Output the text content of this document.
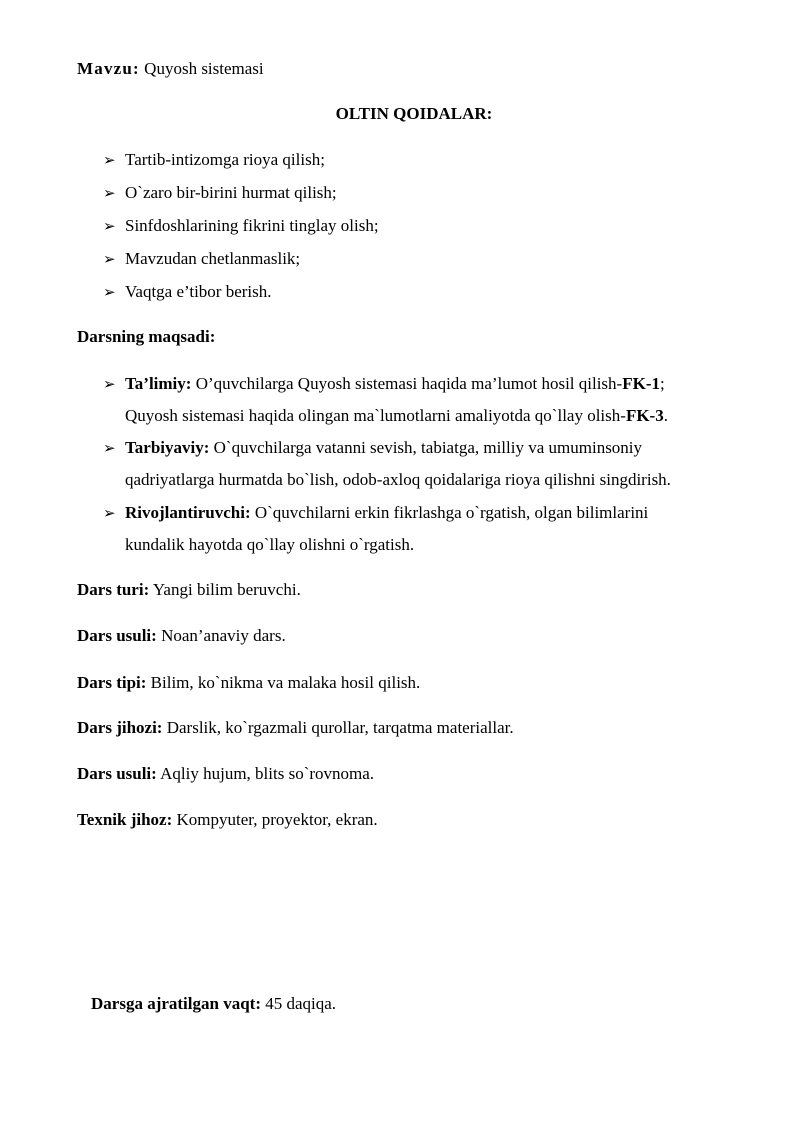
Mavzu: Quyosh sistemasi
OLTIN QOIDALAR:
➢ Tartib-intizomga rioya qilish;
➢ O`zaro bir-birini hurmat qilish;
➢ Sinfdoshlarining fikrini tinglay olish;
➢ Mavzudan chetlanmaslik;
➢ Vaqtga e’tibor berish.
Darsning maqsadi:
➢ Ta’limiy: O’quvchilarga Quyosh sistemasi haqida ma’lumot hosil qilish-FK-1;
Quyosh sistemasi haqida olingan ma`lumotlarni amaliyotda qo`llay olish-FK-3.
➢ Tarbiyaviy: O`quvchilarga vatanni sevish, tabiatga, milliy va umuminsoniy
qadriyatlarga hurmatda bo`lish, odob-axloq qoidalariga rioya qilishni singdirish.
➢ Rivojlantiruvchi: O`quvchilarni erkin fikrlashga o`rgatish, olgan bilimlarini
kundalik hayotda qo`llay olishni o`rgatish.
Dars turi: Yangi bilim beruvchi.
Dars usuli: Noan’anaviy dars.
Dars tipi: Bilim, ko`nikma va malaka hosil qilish.
Dars jihozi: Darslik, ko`rgazmali qurollar, tarqatma materiallar.
Dars usuli: Aqliy hujum, blits so`rovnoma.
Texnik jihoz: Kompyuter, proyektor, ekran.
Darsga ajratilgan vaqt: 45 daqiqa.
